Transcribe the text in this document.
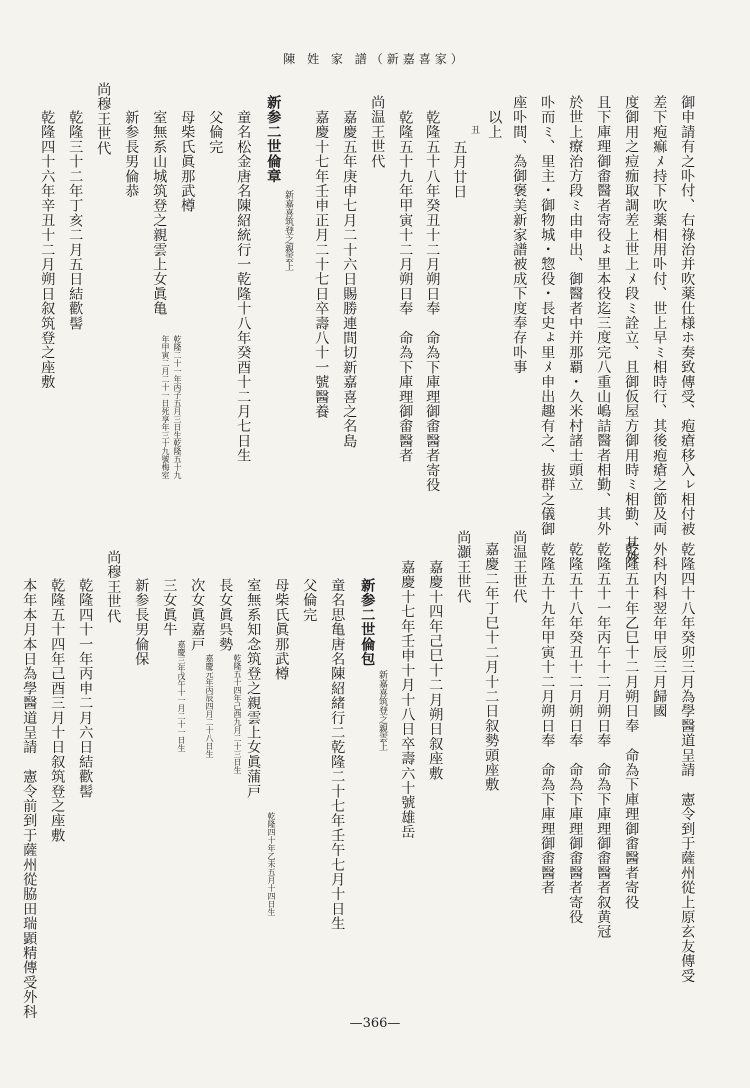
陳 姓 家 譜（新嘉喜家）
御申請有之卟付、右祿治并吹薬仕様ホ奏致傳受、疱瘡移入ㇾ相付被
差下疱痲ﾒ持下吹薬相用卟付、世上早ﾐ相時行、其後疱瘡之節及両
度御用之痘痂取調差上世上ﾒ段ﾐ詮立、且御仮屋方御用時ﾐ相勤、其外
且下庫理御畬醫者寄役ょ里本役迄三度完八重山嶋詰醫者相勤、其外
於世上療治方段ﾐ由申出、御醫者中并那覇・久米村諸士頭立
卟而ﾐ、里主・御物城・惣役・長史ょ里ﾒ申出趣有之、抜群之儀御
座卟間、為御褒美新家譜被成下度奉存卟事
以上
丑
五月廿日
乾隆五十八年癸丑十二月朔日奉　命為下庫理御畬醫者寄役
乾隆五十九年甲寅十二月朔日奉　命為下庫理御畬醫者
尚温王世代
嘉慶五年庚申七月二十六日賜勝連間切新嘉喜之名島
嘉慶十七年壬申正月二十七日卒壽八十一號醫養
新参二世倫章
新嘉喜筑登之親雲上
童名松金唐名陳紹統行一乾隆十八年癸酉十二月七日生
父倫完
母柴氏眞那武樽
室無系山城筑登之親雲上女眞亀
乾隆二十一年丙子五月三日生乾隆五十九
年甲寅二月二十一日死享年三十九號梅室
新参長男倫恭
尚穆王世代
乾隆三十二年丁亥二月五日結歡髻
乾隆四十六年辛丑十二月朔日叙筑登之座敷
乾隆四十八年癸卯三月為學醫道呈請　憲令到于薩州從上原玄友傳受
外科内科翌年甲辰三月歸國
乾隆五十年乙巳十二月朔日奉　命為下庫理御畬醫者寄役
乾隆五十一年丙午十二月朔日奉　命為下庫理御畬醫者叙黄冠
乾隆五十八年癸丑十二月朔日奉　命為下庫理御畬醫者寄役
乾隆五十九年甲寅十二月朔日奉　命為下庫理御畬醫者
尚温王世代
嘉慶二年丁巳十二月十二日叙勢頭座敷
尚灝王世代
嘉慶十四年己巳十二月朔日叙座敷
嘉慶十七年壬申十月十八日卒壽六十號雄岳
新参二世倫包
新嘉喜筑登之親雲上
童名思亀唐名陳紹緒行二乾隆二十七年壬午七月十日生
父倫完
母柴氏眞那武樽
室無系知念筑登之親雲上女眞蒲戸
乾隆四十年乙未五月十四日生
長女眞呉勢
乾隆五十四年己酉九月二十三日生
次女眞嘉戸
嘉慶元年丙辰四月二十八日生
三女眞牛
嘉慶三年戊午十一月二十一日生
新参長男倫保
尚穆王世代
乾隆四十一年丙申二月六日結歡髻
乾隆五十四年己酉三月十日叙筑登之座敷
本年本月本日為學醫道呈請　憲令前到于薩州從脇田瑞顕精傳受外科
—366—
